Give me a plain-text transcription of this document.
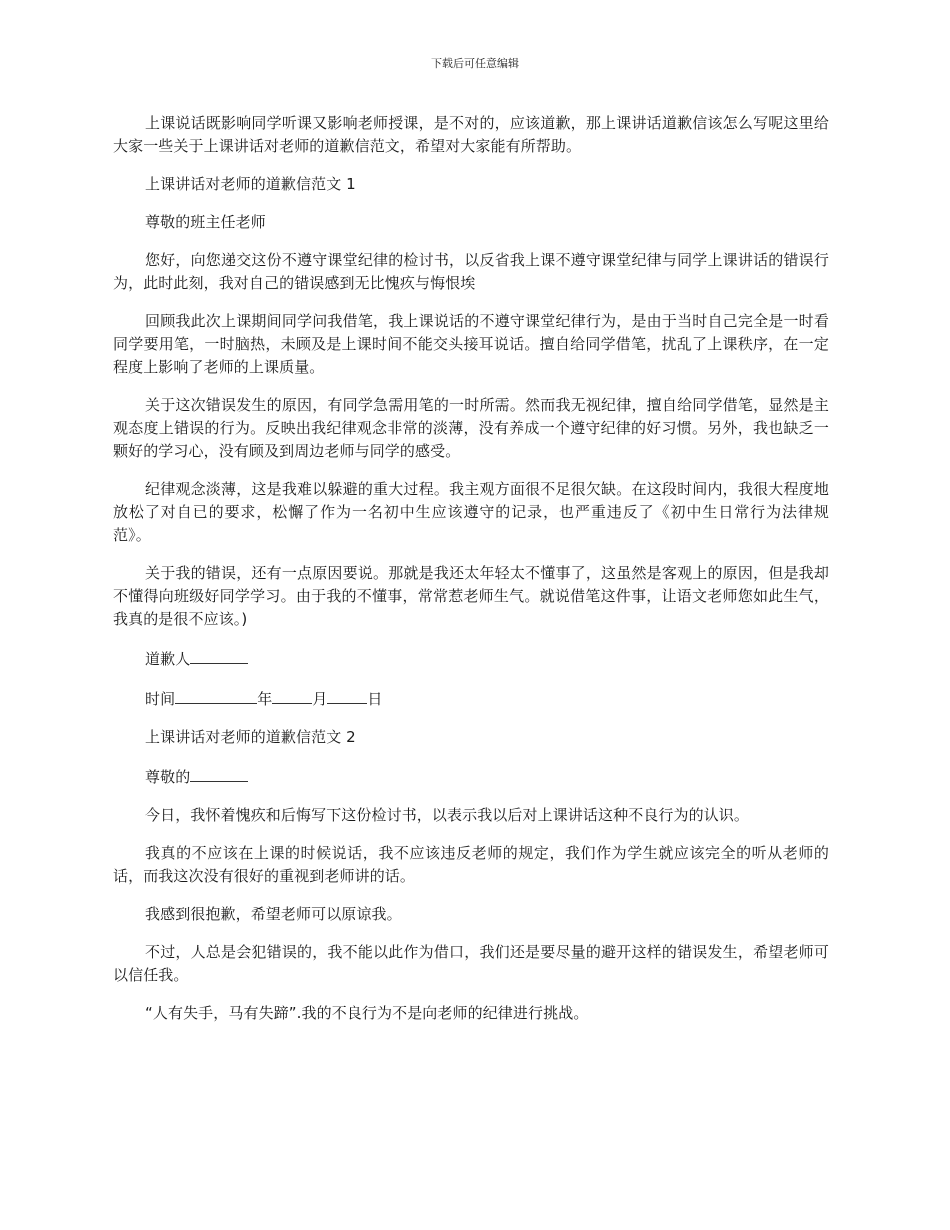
下载后可任意编辑

上课说话既影响同学听课又影响老师授课，是不对的，应该道歉，那上课讲话道歉信该怎么写呢这里给大家一些关于上课讲话对老师的道歉信范文，希望对大家能有所帮助。

上课讲话对老师的道歉信范文 1

尊敬的班主任老师

您好，向您递交这份不遵守课堂纪律的检讨书，以反省我上课不遵守课堂纪律与同学上课讲话的错误行为，此时此刻，我对自己的错误感到无比愧疚与悔恨埃

回顾我此次上课期间同学问我借笔，我上课说话的不遵守课堂纪律行为，是由于当时自己完全是一时看同学要用笔，一时脑热，未顾及是上课时间不能交头接耳说话。擅自给同学借笔，扰乱了上课秩序，在一定程度上影响了老师的上课质量。

关于这次错误发生的原因，有同学急需用笔的一时所需。然而我无视纪律，擅自给同学借笔，显然是主观态度上错误的行为。反映出我纪律观念非常的淡薄，没有养成一个遵守纪律的好习惯。另外，我也缺乏一颗好的学习心，没有顾及到周边老师与同学的感受。

纪律观念淡薄，这是我难以躲避的重大过程。我主观方面很不足很欠缺。在这段时间内，我很大程度地放松了对自已的要求，松懈了作为一名初中生应该遵守的记录，也严重违反了《初中生日常行为法律规范》。

关于我的错误，还有一点原因要说。那就是我还太年轻太不懂事了，这虽然是客观上的原因，但是我却不懂得向班级好同学学习。由于我的不懂事，常常惹老师生气。就说借笔这件事，让语文老师您如此生气，我真的是很不应该。)

道歉人

时间	年	月	日

上课讲话对老师的道歉信范文 2

尊敬的

今日，我怀着愧疚和后悔写下这份检讨书，以表示我以后对上课讲话这种不良行为的认识。

我真的不应该在上课的时候说话，我不应该违反老师的规定，我们作为学生就应该完全的听从老师的话，而我这次没有很好的重视到老师讲的话。

我感到很抱歉，希望老师可以原谅我。

不过，人总是会犯错误的，我不能以此作为借口，我们还是要尽量的避开这样的错误发生，希望老师可以信任我。

“人有失手，马有失蹄”.我的不良行为不是向老师的纪律进行挑战。
